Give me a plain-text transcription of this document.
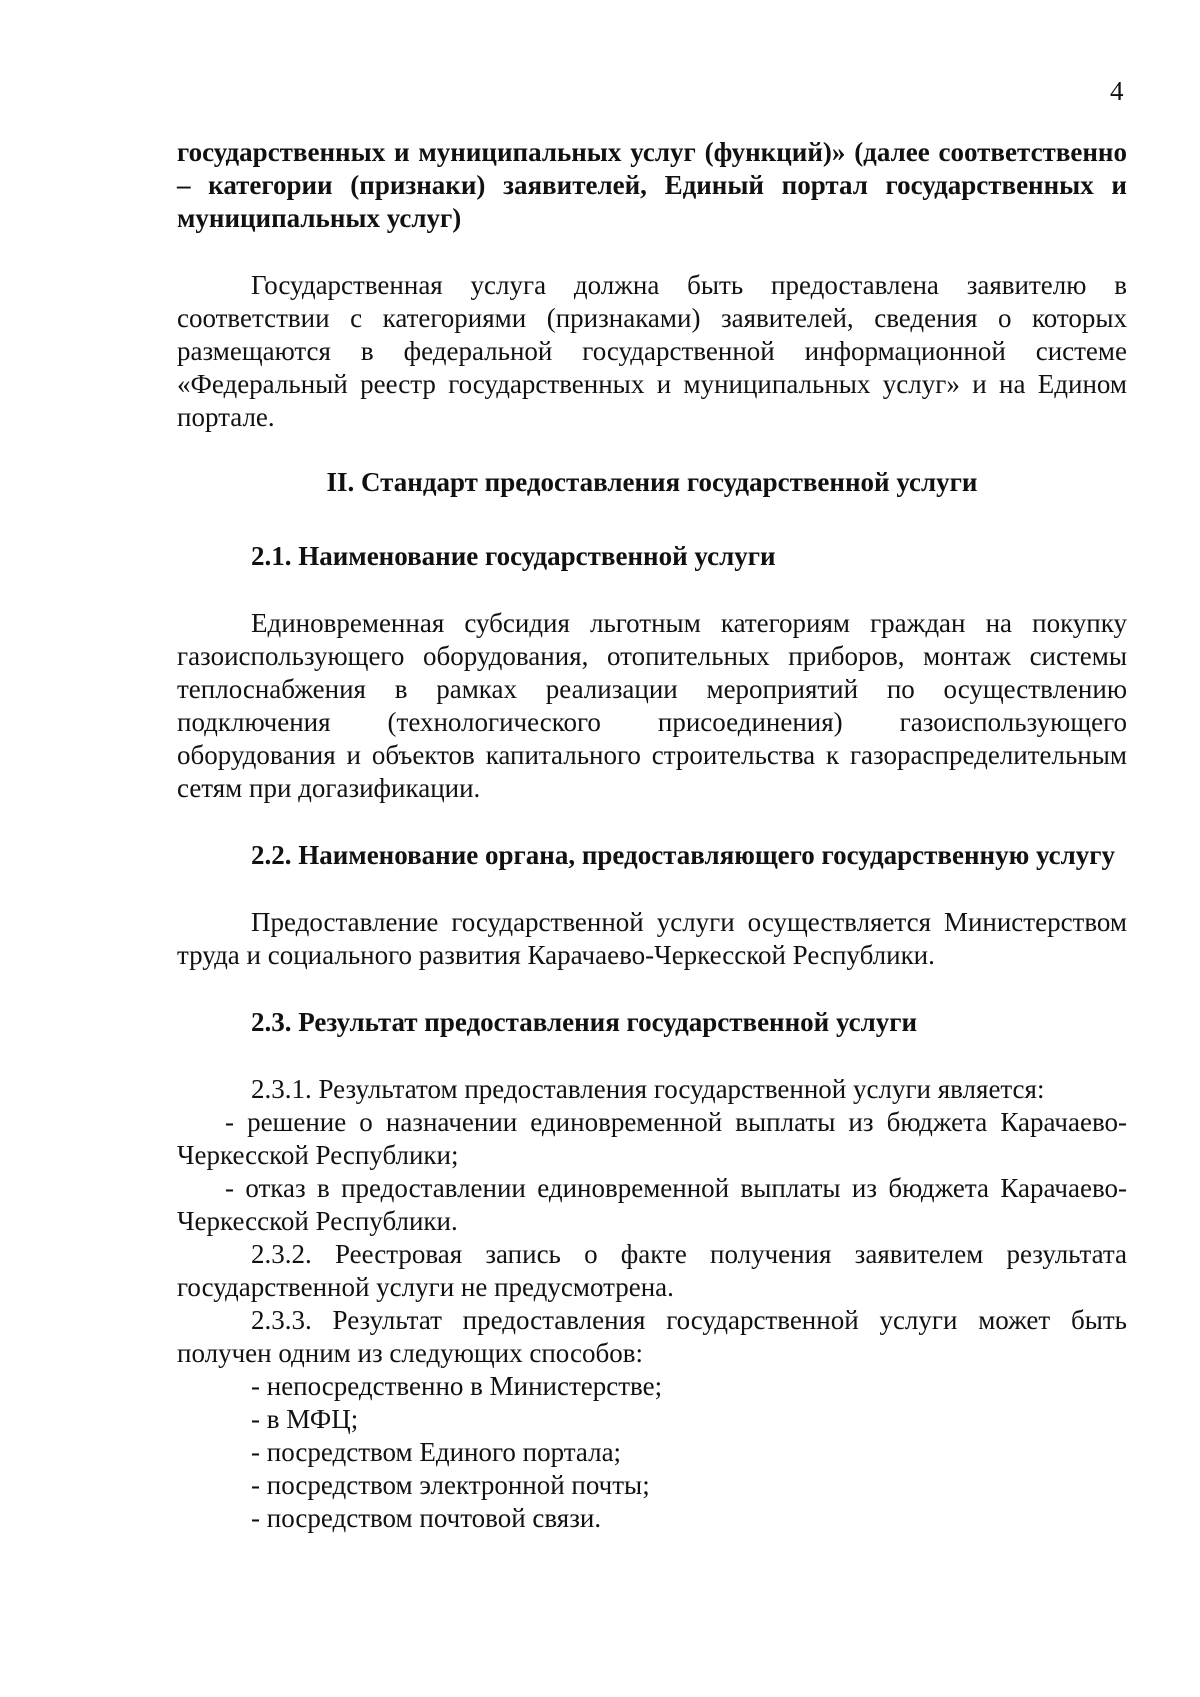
4

государственных и муниципальных услуг (функций)» (далее соответственно – категории (признаки) заявителей, Единый портал государственных и муниципальных услуг)

Государственная услуга должна быть предоставлена заявителю в соответствии с категориями (признаками) заявителей, сведения о которых размещаются в федеральной государственной информационной системе «Федеральный реестр государственных и муниципальных услуг» и на Едином портале.

II. Стандарт предоставления государственной услуги
2.1. Наименование государственной услуги

Единовременная субсидия льготным категориям граждан на покупку газоиспользующего оборудования, отопительных приборов, монтаж системы теплоснабжения в рамках реализации мероприятий по осуществлению подключения (технологического присоединения) газоиспользующего оборудования и объектов капитального строительства к газораспределительным сетям при догазификации.

2.2. Наименование органа, предоставляющего государственную услугу

Предоставление государственной услуги осуществляется Министерством труда и социального развития Карачаево-Черкесской Республики.

2.3. Результат предоставления государственной услуги

2.3.1. Результатом предоставления государственной услуги является:

- решение о назначении единовременной выплаты из бюджета Карачаево-Черкесской Республики;

- отказ в предоставлении единовременной выплаты из бюджета Карачаево-Черкесской Республики.

2.3.2. Реестровая запись о факте получения заявителем результата государственной услуги не предусмотрена.

2.3.3. Результат предоставления государственной услуги может быть получен одним из следующих способов:

- непосредственно в Министерстве;

- в МФЦ;

- посредством Единого портала;

- посредством электронной почты;

- посредством почтовой связи.
